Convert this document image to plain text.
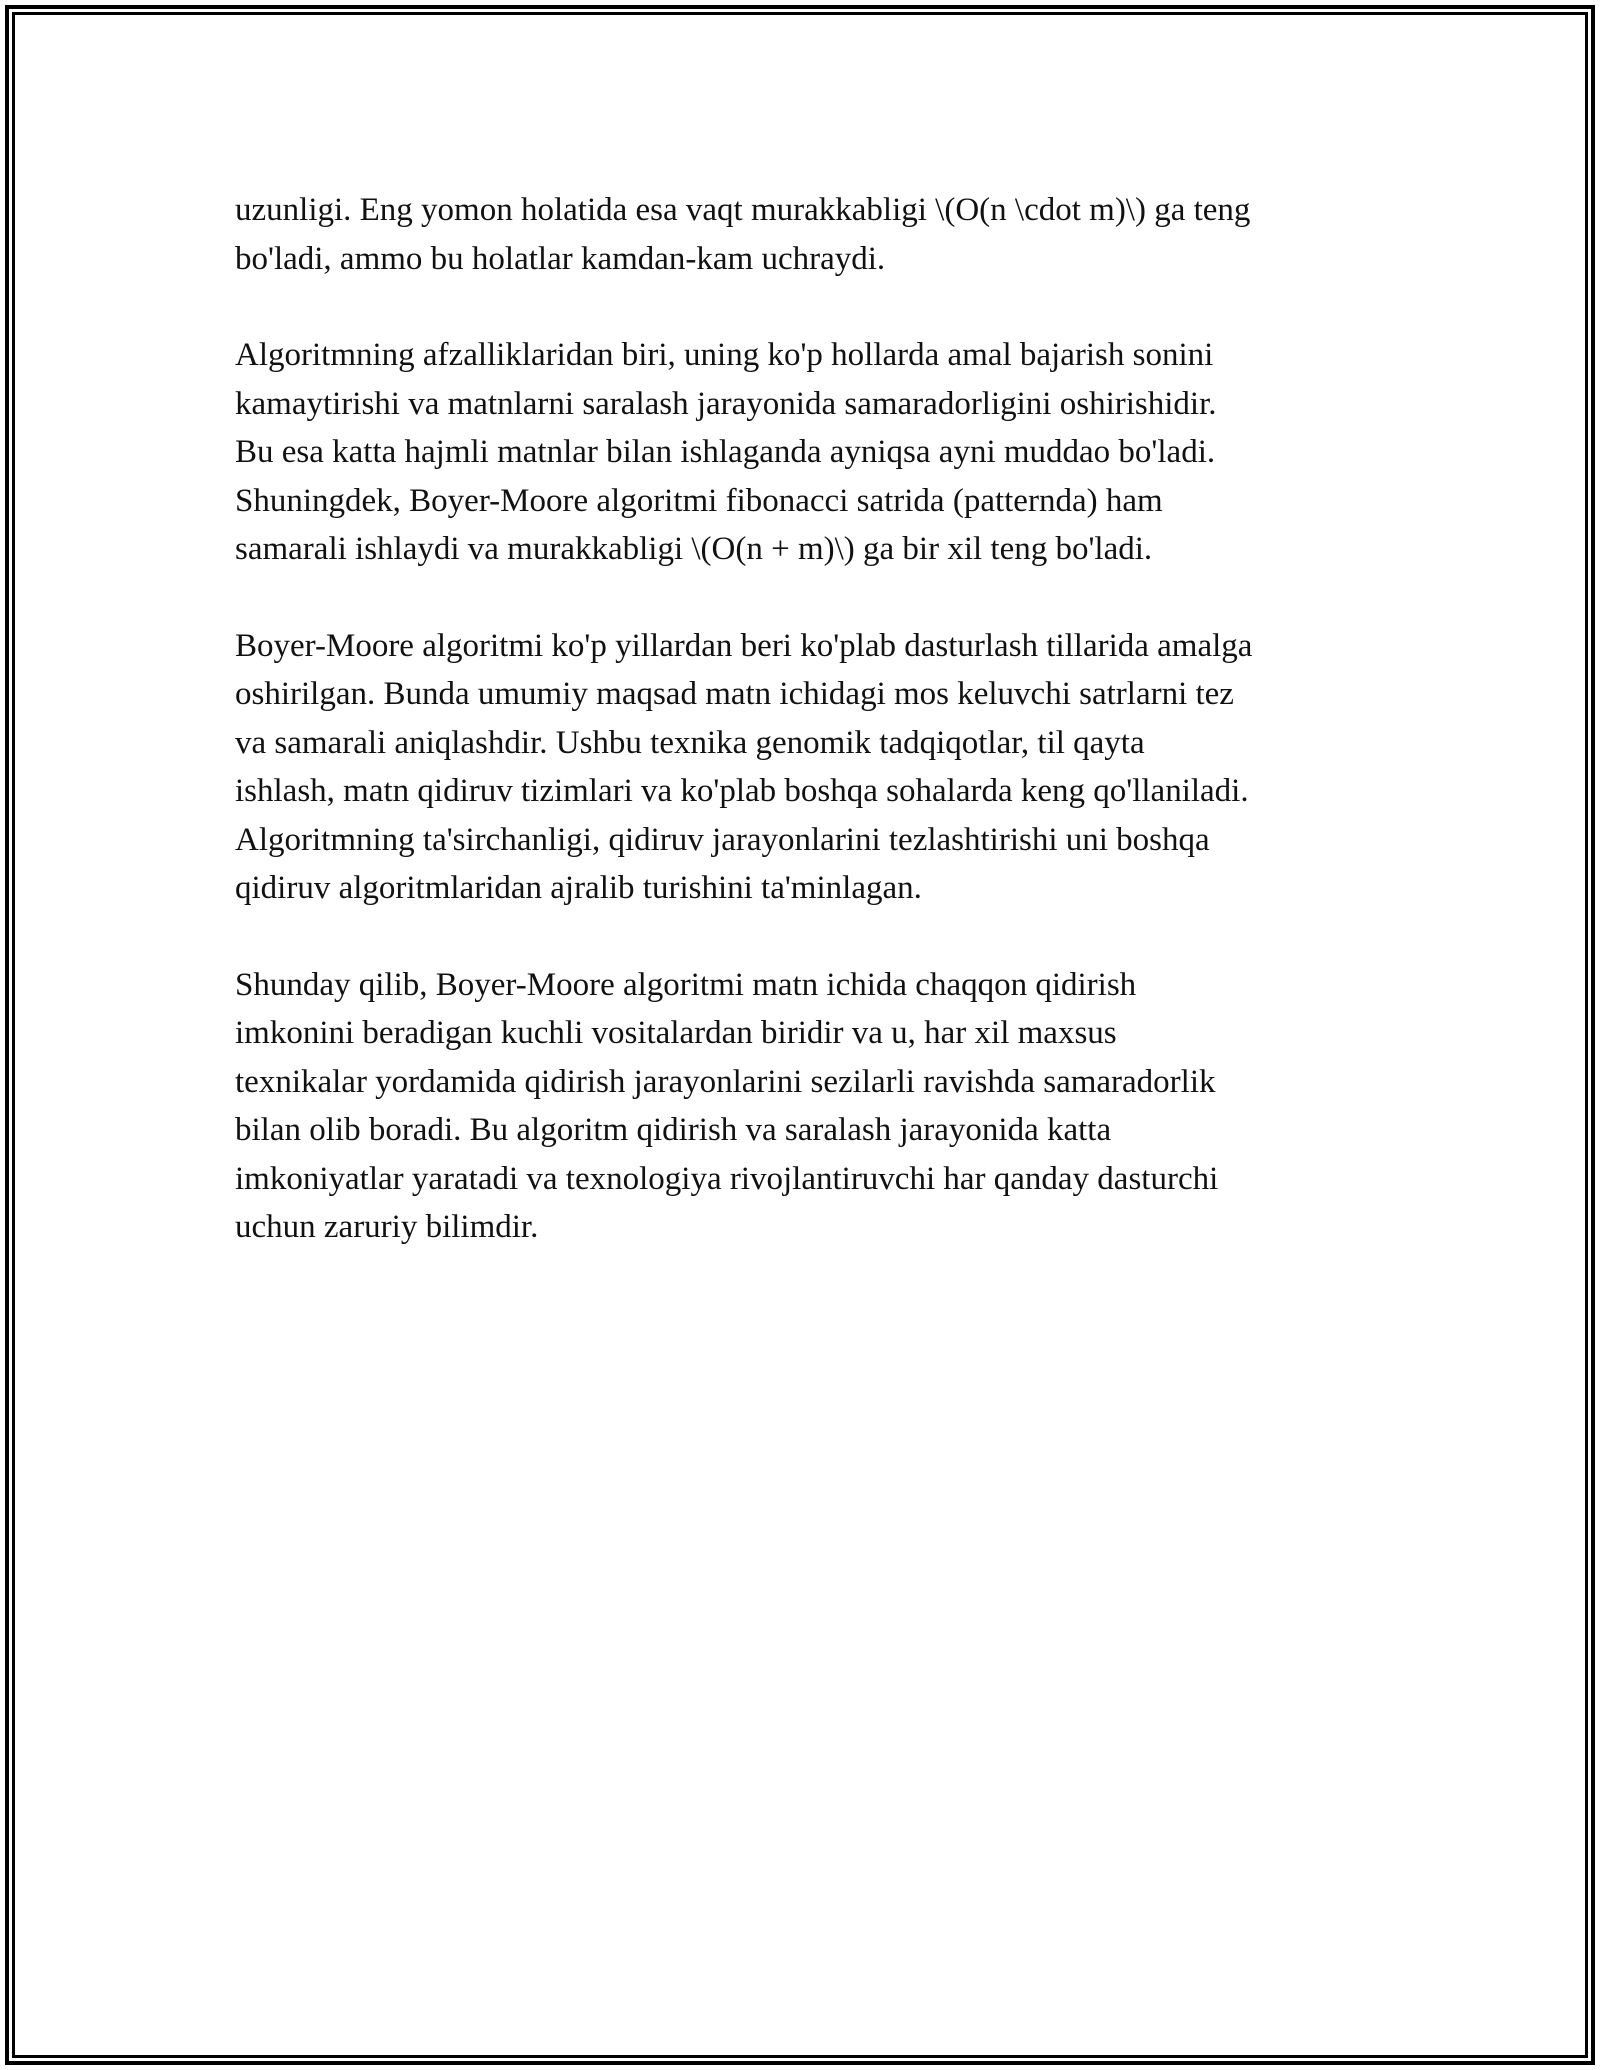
uzunligi. Eng yomon holatida esa vaqt murakkabligi \(O(n \cdot m)\) ga teng
bo'ladi, ammo bu holatlar kamdan-kam uchraydi.

Algoritmning afzalliklaridan biri, uning ko'p hollarda amal bajarish sonini
kamaytirishi va matnlarni saralash jarayonida samaradorligini oshirishidir.
Bu esa katta hajmli matnlar bilan ishlaganda ayniqsa ayni muddao bo'ladi.
Shuningdek, Boyer-Moore algoritmi fibonacci satrida (patternda) ham
samarali ishlaydi va murakkabligi \(O(n + m)\) ga bir xil teng bo'ladi.

Boyer-Moore algoritmi ko'p yillardan beri ko'plab dasturlash tillarida amalga
oshirilgan. Bunda umumiy maqsad matn ichidagi mos keluvchi satrlarni tez
va samarali aniqlashdir. Ushbu texnika genomik tadqiqotlar, til qayta
ishlash, matn qidiruv tizimlari va ko'plab boshqa sohalarda keng qo'llaniladi.
Algoritmning ta'sirchanligi, qidiruv jarayonlarini tezlashtirishi uni boshqa
qidiruv algoritmlaridan ajralib turishini ta'minlagan.

Shunday qilib, Boyer-Moore algoritmi matn ichida chaqqon qidirish
imkonini beradigan kuchli vositalardan biridir va u, har xil maxsus
texnikalar yordamida qidirish jarayonlarini sezilarli ravishda samaradorlik
bilan olib boradi. Bu algoritm qidirish va saralash jarayonida katta
imkoniyatlar yaratadi va texnologiya rivojlantiruvchi har qanday dasturchi
uchun zaruriy bilimdir.
